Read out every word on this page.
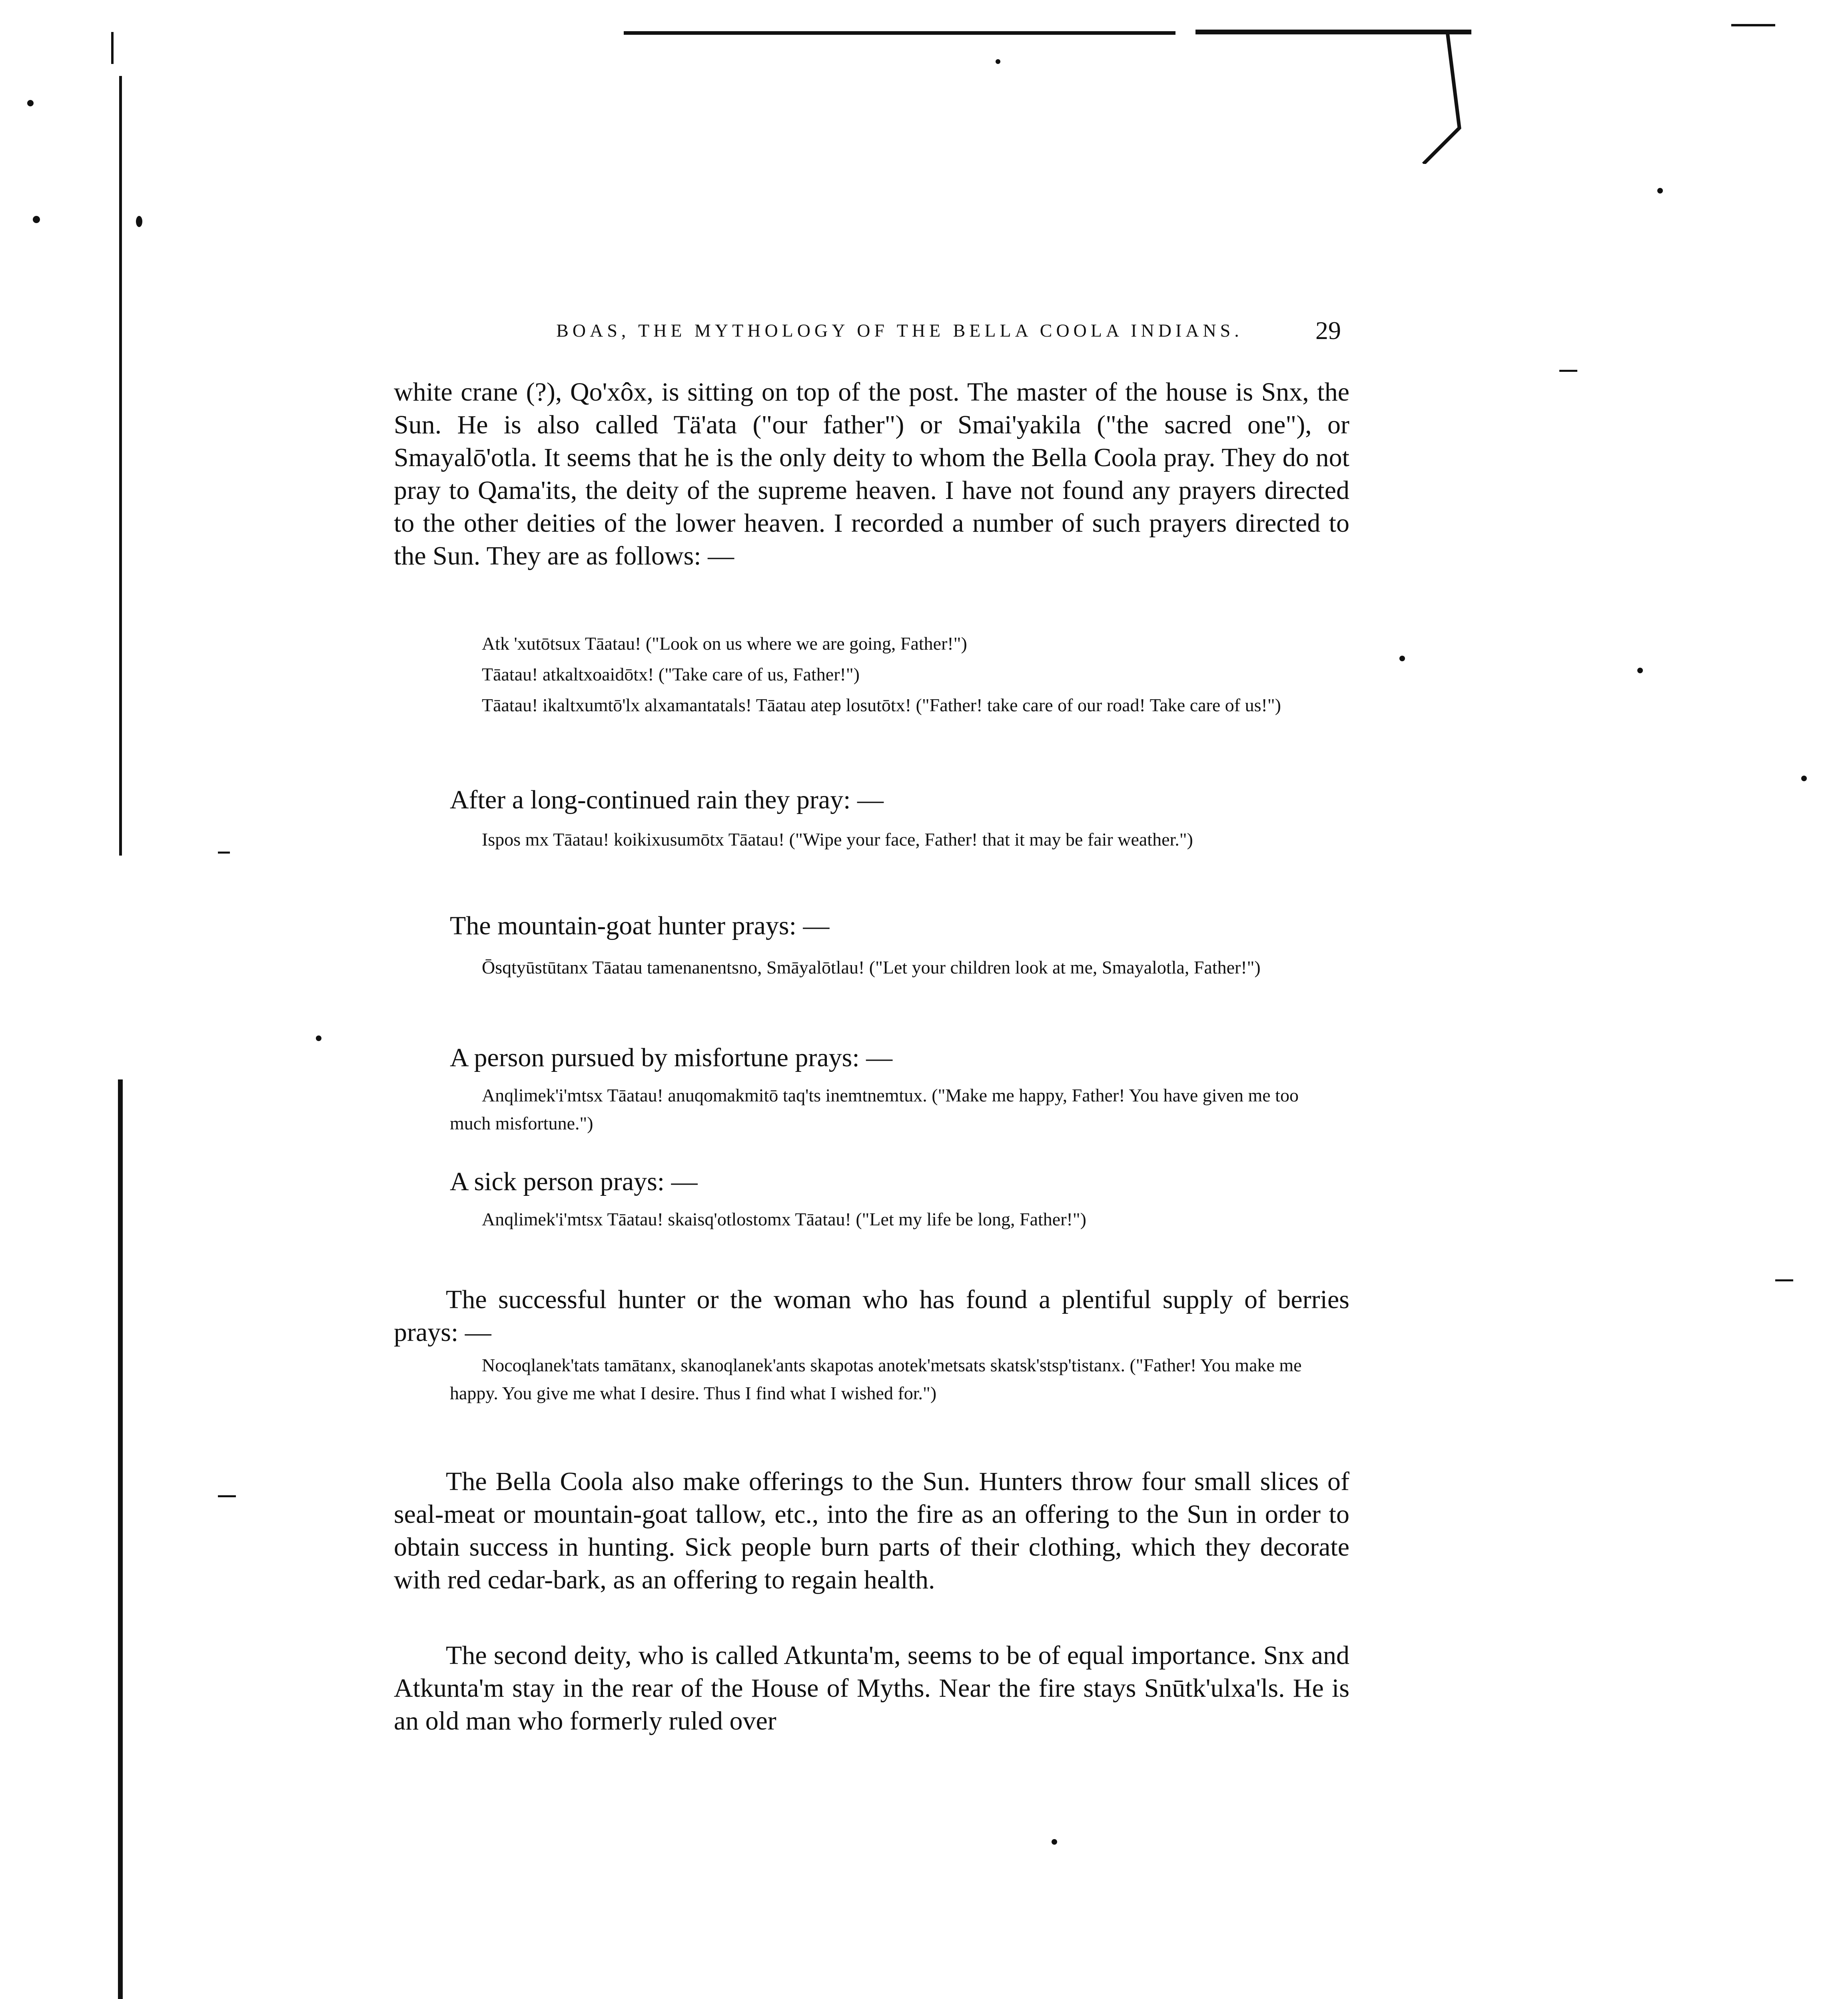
BOAS, THE MYTHOLOGY OF THE BELLA COOLA INDIANS.	29

white crane (?), Qo'xôx, is sitting on top of the post. The master of the house is Snx, the Sun. He is also called Tä'ata ("our father") or Smai'yakila ("the sacred one"), or Smayalō'otla. It seems that he is the only deity to whom the Bella Coola pray. They do not pray to Qama'its, the deity of the supreme heaven. I have not found any prayers directed to the other deities of the lower heaven. I recorded a number of such prayers directed to the Sun. They are as follows: —

Atk 'xutōtsux Tāatau! ("Look on us where we are going, Father!")

Tāatau! atkaltxoaidōtx! ("Take care of us, Father!")

Tāatau! ikaltxumtō'lx alxamantatals! Tāatau atep losutōtx! ("Father! take care of our road! Take care of us!")

After a long-continued rain they pray: —

Ispos mx Tāatau! koikixusumōtx Tāatau! ("Wipe your face, Father! that it may be fair weather.")

The mountain-goat hunter prays: —

Ōsqtyūstūtanx Tāatau tamenanentsno, Smāyalōtlau! ("Let your children look at me, Smayalotla, Father!")

A person pursued by misfortune prays: —

Anqlimek'i'mtsx Tāatau! anuqomakmitō taq'ts inemtnemtux. ("Make me happy, Father! You have given me too much misfortune.")

A sick person prays: —

Anqlimek'i'mtsx Tāatau! skaisq'otlostomx Tāatau! ("Let my life be long, Father!")

The successful hunter or the woman who has found a plentiful supply of berries prays: —

Nocoqlanek'tats tamātanx, skanoqlanek'ants skapotas anotek'metsats skatsk'stsp'tistanx. ("Father! You make me happy. You give me what I desire. Thus I find what I wished for.")

The Bella Coola also make offerings to the Sun. Hunters throw four small slices of seal-meat or mountain-goat tallow, etc., into the fire as an offering to the Sun in order to obtain success in hunting. Sick people burn parts of their clothing, which they decorate with red cedar-bark, as an offering to regain health.

The second deity, who is called Atkunta'm, seems to be of equal importance. Snx and Atkunta'm stay in the rear of the House of Myths. Near the fire stays Snūtk'ulxa'ls. He is an old man who formerly ruled over
